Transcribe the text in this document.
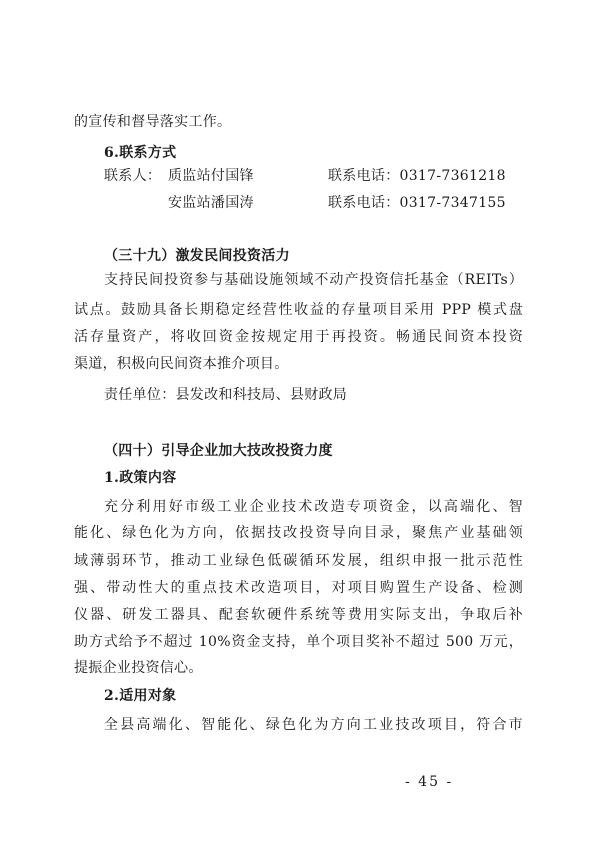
的宣传和督导落实工作。
6.联系方式
联系人： 质监站付国锋	联系电话：0317-7361218
安监站潘国涛	联系电话：0317-7347155
（三十九）激发民间投资活力
支持民间投资参与基础设施领域不动产投资信托基金（REITs）
试点。鼓励具备长期稳定经营性收益的存量项目采用 PPP 模式盘
活存量资产，将收回资金按规定用于再投资。畅通民间资本投资
渠道，积极向民间资本推介项目。
责任单位：县发改和科技局、县财政局
（四十）引导企业加大技改投资力度
1.政策内容
充分利用好市级工业企业技术改造专项资金，以高端化、智
能化、绿色化为方向，依据技改投资导向目录，聚焦产业基础领
域薄弱环节，推动工业绿色低碳循环发展，组织申报一批示范性
强、带动性大的重点技术改造项目，对项目购置生产设备、检测
仪器、研发工器具、配套软硬件系统等费用实际支出，争取后补
助方式给予不超过 10%资金支持，单个项目奖补不超过 500 万元，
提振企业投资信心。
2.适用对象
全县高端化、智能化、绿色化为方向工业技改项目，符合市
- 45 -
